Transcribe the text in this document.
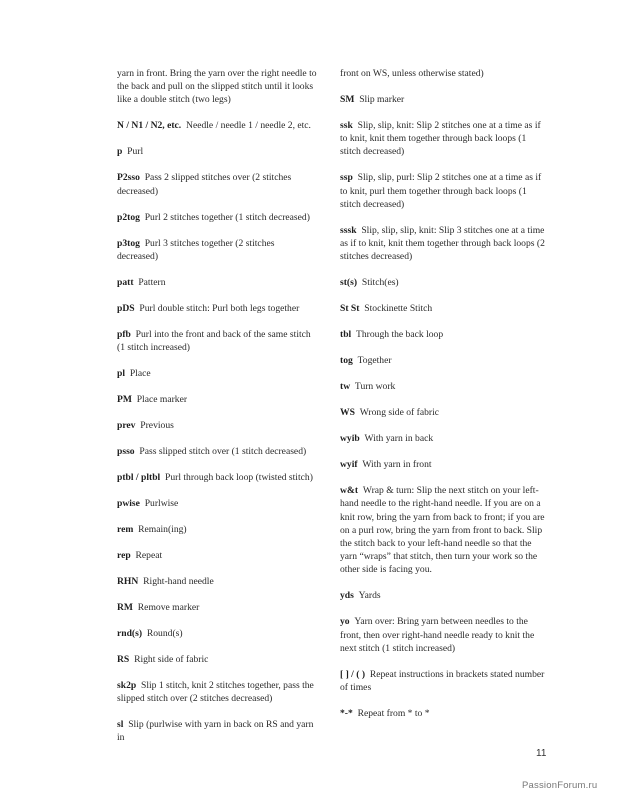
yarn in front. Bring the yarn over the right needle to the back and pull on the slipped stitch until it looks like a double stitch (two legs)
N / N1 / N2, etc. Needle / needle 1 / needle 2, etc.
p Purl
P2sso Pass 2 slipped stitches over (2 stitches decreased)
p2tog Purl 2 stitches together (1 stitch decreased)
p3tog Purl 3 stitches together (2 stitches decreased)
patt Pattern
pDS Purl double stitch: Purl both legs together
pfb Purl into the front and back of the same stitch (1 stitch increased)
pl Place
PM Place marker
prev Previous
psso Pass slipped stitch over (1 stitch decreased)
ptbl / pltbl Purl through back loop (twisted stitch)
pwise Purlwise
rem Remain(ing)
rep Repeat
RHN Right-hand needle
RM Remove marker
rnd(s) Round(s)
RS Right side of fabric
sk2p Slip 1 stitch, knit 2 stitches together, pass the slipped stitch over (2 stitches decreased)
sl Slip (purlwise with yarn in back on RS and yarn in
front on WS, unless otherwise stated)
SM Slip marker
ssk Slip, slip, knit: Slip 2 stitches one at a time as if to knit, knit them together through back loops (1 stitch decreased)
ssp Slip, slip, purl: Slip 2 stitches one at a time as if to knit, purl them together through back loops (1 stitch decreased)
sssk Slip, slip, slip, knit: Slip 3 stitches one at a time as if to knit, knit them together through back loops (2 stitches decreased)
st(s) Stitch(es)
St St Stockinette Stitch
tbl Through the back loop
tog Together
tw Turn work
WS Wrong side of fabric
wyib With yarn in back
wyif With yarn in front
w&t Wrap & turn: Slip the next stitch on your left-hand needle to the right-hand needle. If you are on a knit row, bring the yarn from back to front; if you are on a purl row, bring the yarn from front to back. Slip the stitch back to your left-hand needle so that the yarn “wraps” that stitch, then turn your work so the other side is facing you.
yds Yards
yo Yarn over: Bring yarn between needles to the front, then over right-hand needle ready to knit the next stitch (1 stitch increased)
[ ] / ( ) Repeat instructions in brackets stated number of times
*-* Repeat from * to *
11
PassionForum.ru
